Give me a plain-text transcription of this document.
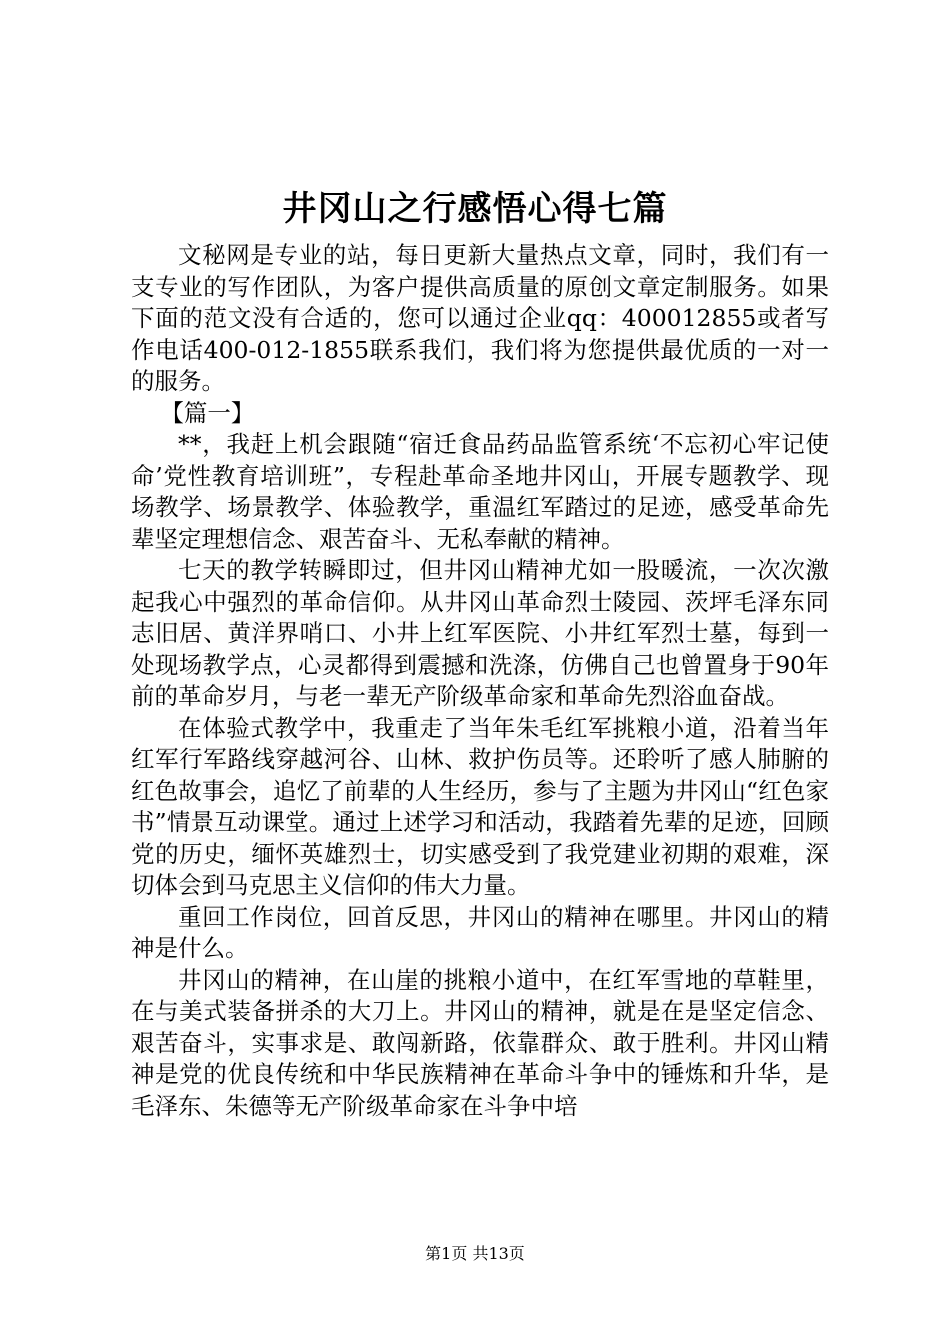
井冈山之行感悟心得七篇

文秘网是专业的站，每日更新大量热点文章，同时，我们有一支专业的写作团队，为客户提供高质量的原创文章定制服务。如果下面的范文没有合适的，您可以通过企业qq：400012855或者写作电话400-012-1855联系我们，我们将为您提供最优质的一对一的服务。

【篇一】

**，我赶上机会跟随“宿迁食品药品监管系统‘不忘初心牢记使命’党性教育培训班”，专程赴革命圣地井冈山，开展专题教学、现场教学、场景教学、体验教学，重温红军踏过的足迹，感受革命先辈坚定理想信念、艰苦奋斗、无私奉献的精神。

七天的教学转瞬即过，但井冈山精神尤如一股暖流，一次次激起我心中强烈的革命信仰。从井冈山革命烈士陵园、茨坪毛泽东同志旧居、黄洋界哨口、小井上红军医院、小井红军烈士墓，每到一处现场教学点，心灵都得到震撼和洗涤，仿佛自己也曾置身于90年前的革命岁月，与老一辈无产阶级革命家和革命先烈浴血奋战。

在体验式教学中，我重走了当年朱毛红军挑粮小道，沿着当年红军行军路线穿越河谷、山林、救护伤员等。还聆听了感人肺腑的红色故事会，追忆了前辈的人生经历，参与了主题为井冈山“红色家书”情景互动课堂。通过上述学习和活动，我踏着先辈的足迹，回顾党的历史，缅怀英雄烈士，切实感受到了我党建业初期的艰难，深切体会到马克思主义信仰的伟大力量。

重回工作岗位，回首反思，井冈山的精神在哪里。井冈山的精神是什么。

井冈山的精神，在山崖的挑粮小道中，在红军雪地的草鞋里，在与美式装备拼杀的大刀上。井冈山的精神，就是在是坚定信念、艰苦奋斗，实事求是、敢闯新路，依靠群众、敢于胜利。井冈山精神是党的优良传统和中华民族精神在革命斗争中的锤炼和升华，是毛泽东、朱德等无产阶级革命家在斗争中培

第1页 共13页
